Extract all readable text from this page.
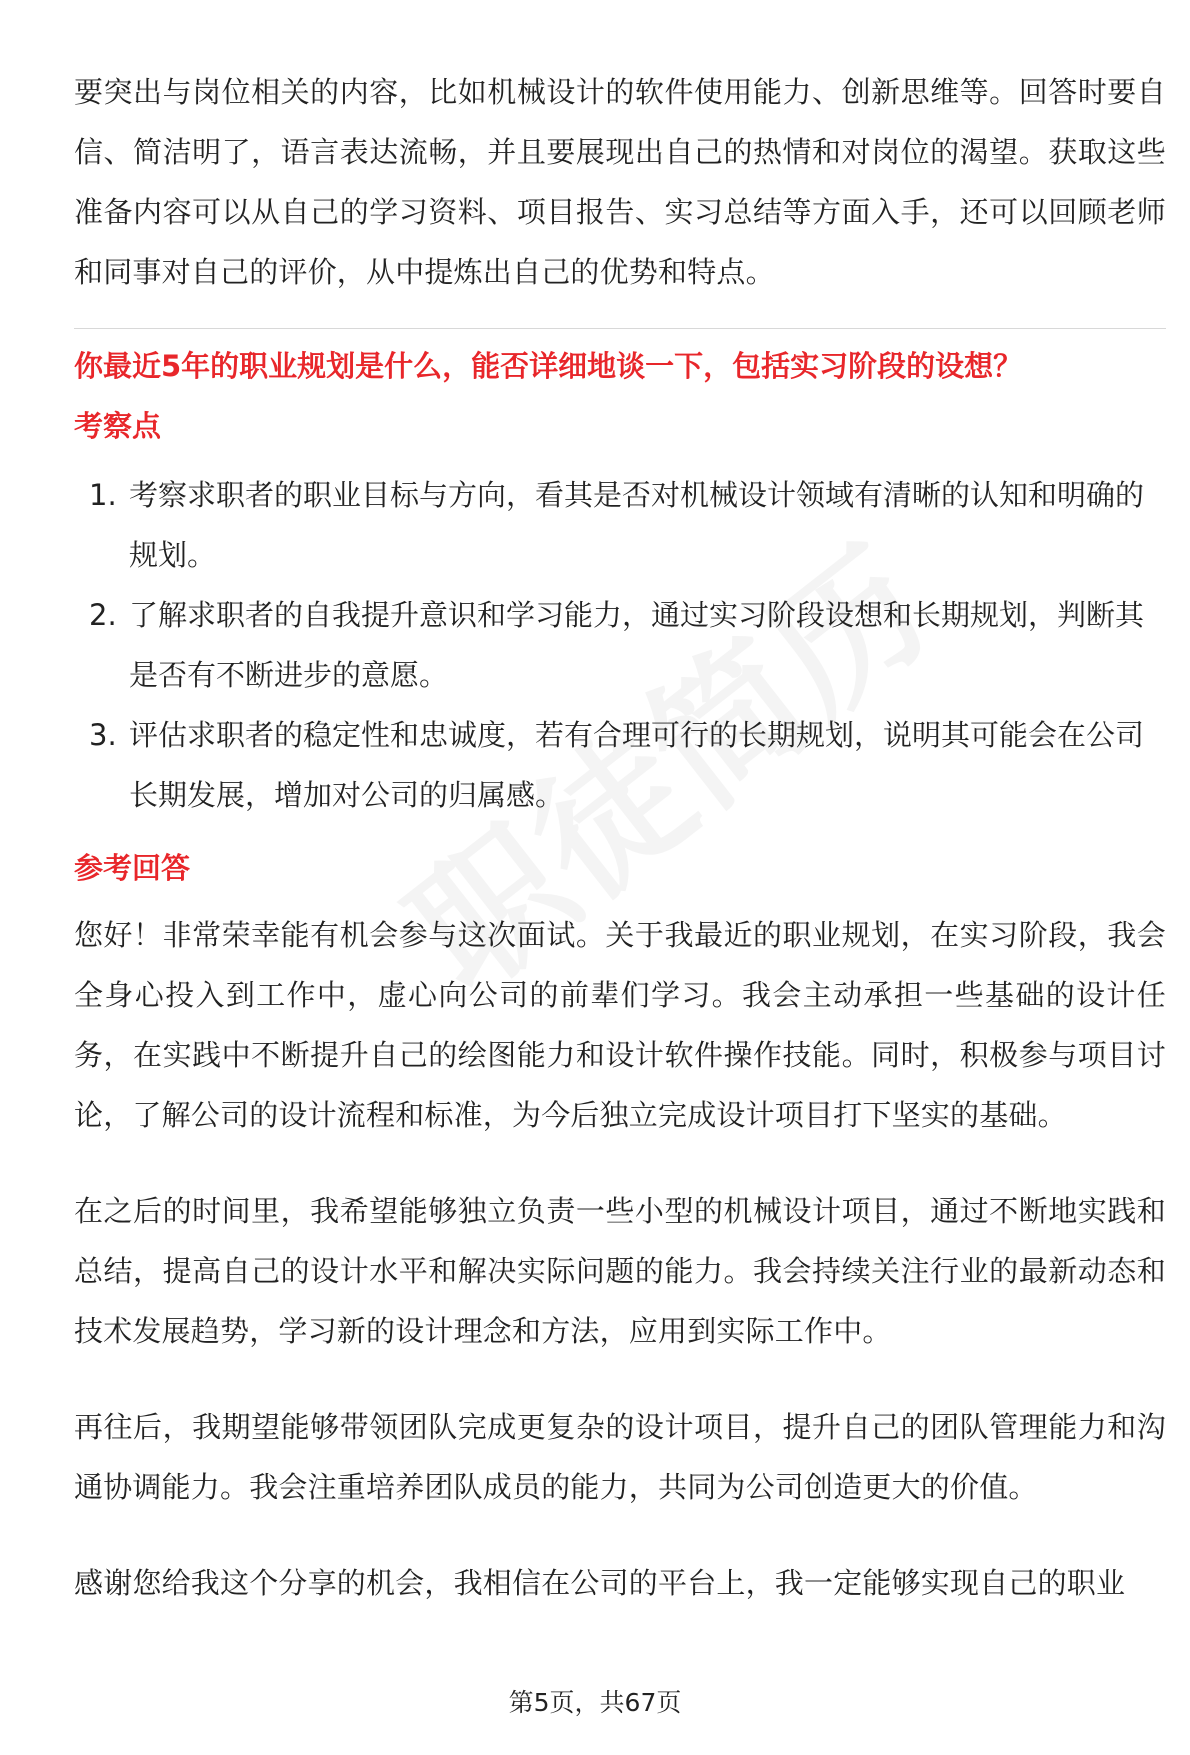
要突出与岗位相关的内容，比如机械设计的软件使用能力、创新思维等。回答时要自信、简洁明了，语言表达流畅，并且要展现出自己的热情和对岗位的渴望。获取这些准备内容可以从自己的学习资料、项目报告、实习总结等方面入手，还可以回顾老师和同事对自己的评价，从中提炼出自己的优势和特点。

你最近5年的职业规划是什么，能否详细地谈一下，包括实习阶段的设想？
考察点
1. 考察求职者的职业目标与方向，看其是否对机械设计领域有清晰的认知和明确的规划。
2. 了解求职者的自我提升意识和学习能力，通过实习阶段设想和长期规划，判断其是否有不断进步的意愿。
3. 评估求职者的稳定性和忠诚度，若有合理可行的长期规划，说明其可能会在公司长期发展，增加对公司的归属感。
参考回答

您好！非常荣幸能有机会参与这次面试。关于我最近的职业规划，在实习阶段，我会全身心投入到工作中，虚心向公司的前辈们学习。我会主动承担一些基础的设计任务，在实践中不断提升自己的绘图能力和设计软件操作技能。同时，积极参与项目讨论，了解公司的设计流程和标准，为今后独立完成设计项目打下坚实的基础。

在之后的时间里，我希望能够独立负责一些小型的机械设计项目，通过不断地实践和总结，提高自己的设计水平和解决实际问题的能力。我会持续关注行业的最新动态和技术发展趋势，学习新的设计理念和方法，应用到实际工作中。

再往后，我期望能够带领团队完成更复杂的设计项目，提升自己的团队管理能力和沟通协调能力。我会注重培养团队成员的能力，共同为公司创造更大的价值。

感谢您给我这个分享的机会，我相信在公司的平台上，我一定能够实现自己的职业

第5页，共67页
